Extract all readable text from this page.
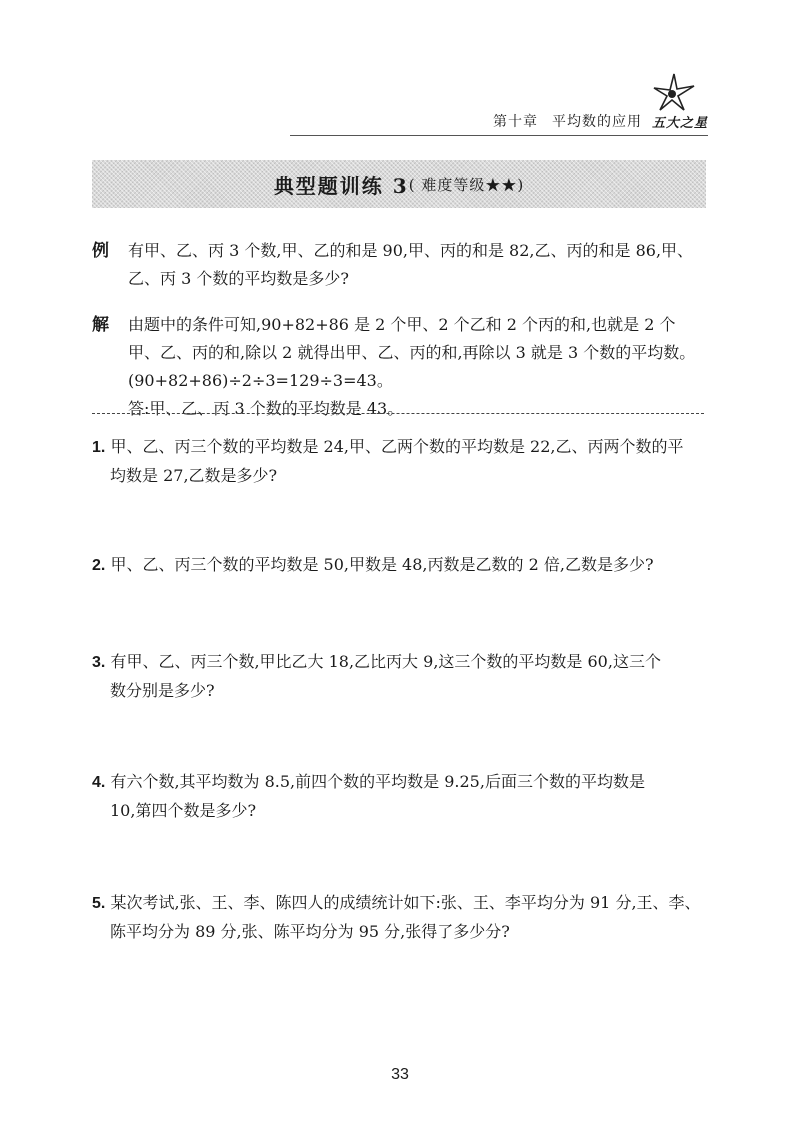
第十章 平均数的应用 五大之星
典型题训练 3 ( 难度等级★★)
例 有甲、乙、丙 3 个数,甲、乙的和是 90,甲、丙的和是 82,乙、丙的和是 86,甲、
乙、丙 3 个数的平均数是多少?
解 由题中的条件可知,90+82+86 是 2 个甲、2 个乙和 2 个丙的和,也就是 2 个
甲、乙、丙的和,除以 2 就得出甲、乙、丙的和,再除以 3 就是 3 个数的平均数。
(90+82+86)÷2÷3=129÷3=43。
答:甲、乙、丙 3 个数的平均数是 43。
1. 甲、乙、丙三个数的平均数是 24,甲、乙两个数的平均数是 22,乙、丙两个数的平
均数是 27,乙数是多少?
2. 甲、乙、丙三个数的平均数是 50,甲数是 48,丙数是乙数的 2 倍,乙数是多少?
3. 有甲、乙、丙三个数,甲比乙大 18,乙比丙大 9,这三个数的平均数是 60,这三个
数分别是多少?
4. 有六个数,其平均数为 8.5,前四个数的平均数是 9.25,后面三个数的平均数是
10,第四个数是多少?
5. 某次考试,张、王、李、陈四人的成绩统计如下:张、王、李平均分为 91 分,王、李、
陈平均分为 89 分,张、陈平均分为 95 分,张得了多少分?
33
